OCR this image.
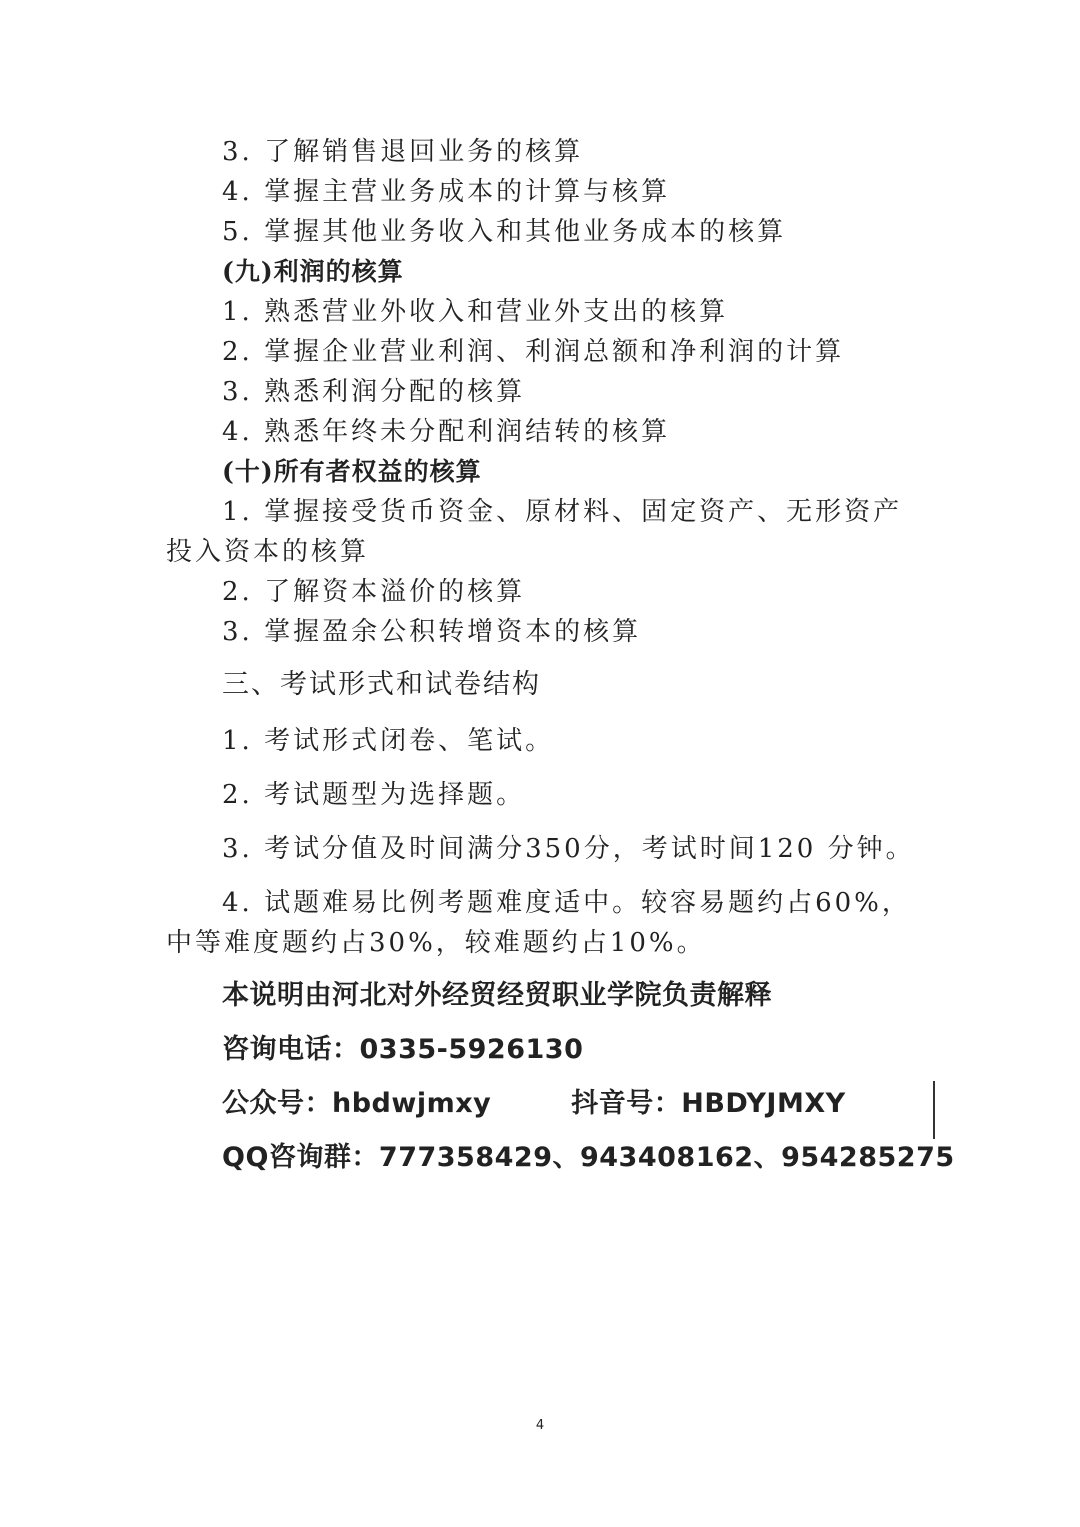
3. 了解销售退回业务的核算
4. 掌握主营业务成本的计算与核算
5. 掌握其他业务收入和其他业务成本的核算
(九)利润的核算
1. 熟悉营业外收入和营业外支出的核算
2. 掌握企业营业利润、利润总额和净利润的计算
3. 熟悉利润分配的核算
4. 熟悉年终未分配利润结转的核算
(十)所有者权益的核算
1. 掌握接受货币资金、原材料、固定资产、无形资产投入资本的核算
2. 了解资本溢价的核算
3. 掌握盈余公积转增资本的核算
三、考试形式和试卷结构
1. 考试形式闭卷、笔试。
2. 考试题型为选择题。
3. 考试分值及时间满分350分，考试时间120 分钟。
4. 试题难易比例考题难度适中。较容易题约占60%，中等难度题约占30%，较难题约占10%。
本说明由河北对外经贸经贸职业学院负责解释
咨询电话：0335-5926130
公众号：hbdwjmxy	抖音号：HBDYJMXY
QQ咨询群：777358429、943408162、954285275
4
